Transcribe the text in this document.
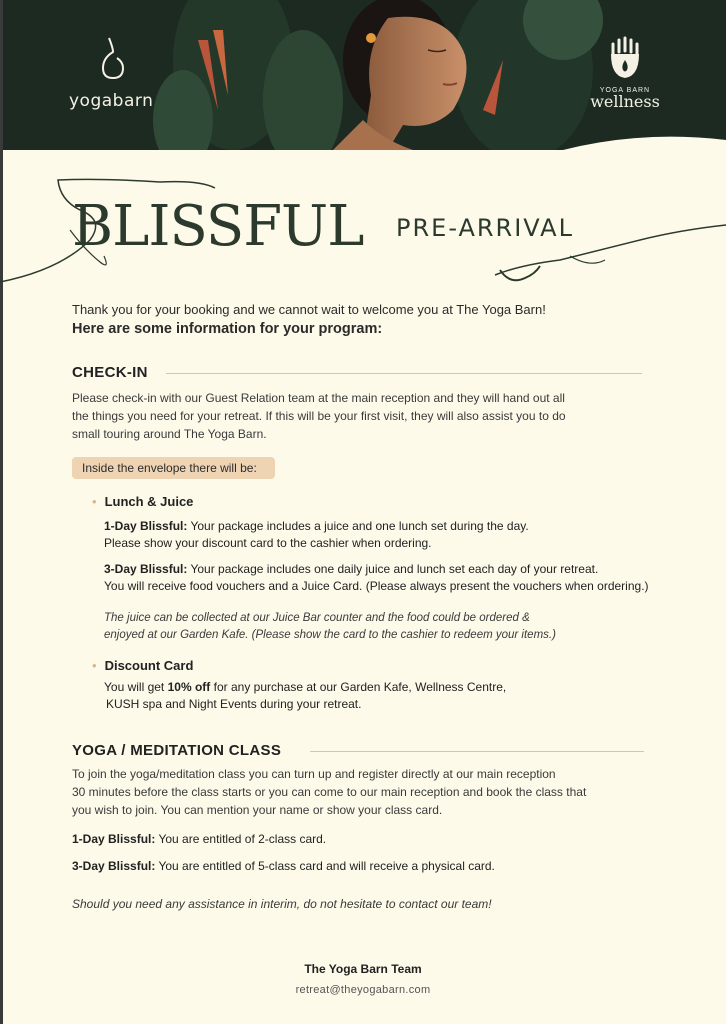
yogabarn
YOGA BARN
wellness
BLISSFUL PRE-ARRIVAL
Thank you for your booking and we cannot wait to welcome you at The Yoga Barn!
Here are some information for your program:
CHECK-IN
Please check-in with our Guest Relation team at the main reception and they will hand out all
the things you need for your retreat. If this will be your first visit, they will also assist you to do
small touring around The Yoga Barn.
Inside the envelope there will be:
• Lunch & Juice
1-Day Blissful: Your package includes a juice and one lunch set during the day.
Please show your discount card to the cashier when ordering.
3-Day Blissful: Your package includes one daily juice and lunch set each day of your retreat.
You will receive food vouchers and a Juice Card. (Please always present the vouchers when ordering.)
The juice can be collected at our Juice Bar counter and the food could be ordered &
enjoyed at our Garden Kafe. (Please show the card to the cashier to redeem your items.)
• Discount Card
You will get 10% off for any purchase at our Garden Kafe, Wellness Centre,
KUSH spa and Night Events during your retreat.
YOGA / MEDITATION CLASS
To join the yoga/meditation class you can turn up and register directly at our main reception
30 minutes before the class starts or you can come to our main reception and book the class that
you wish to join. You can mention your name or show your class card.
1-Day Blissful: You are entitled of 2-class card.
3-Day Blissful: You are entitled of 5-class card and will receive a physical card.
Should you need any assistance in interim, do not hesitate to contact our team!
The Yoga Barn Team
retreat@theyogabarn.com
